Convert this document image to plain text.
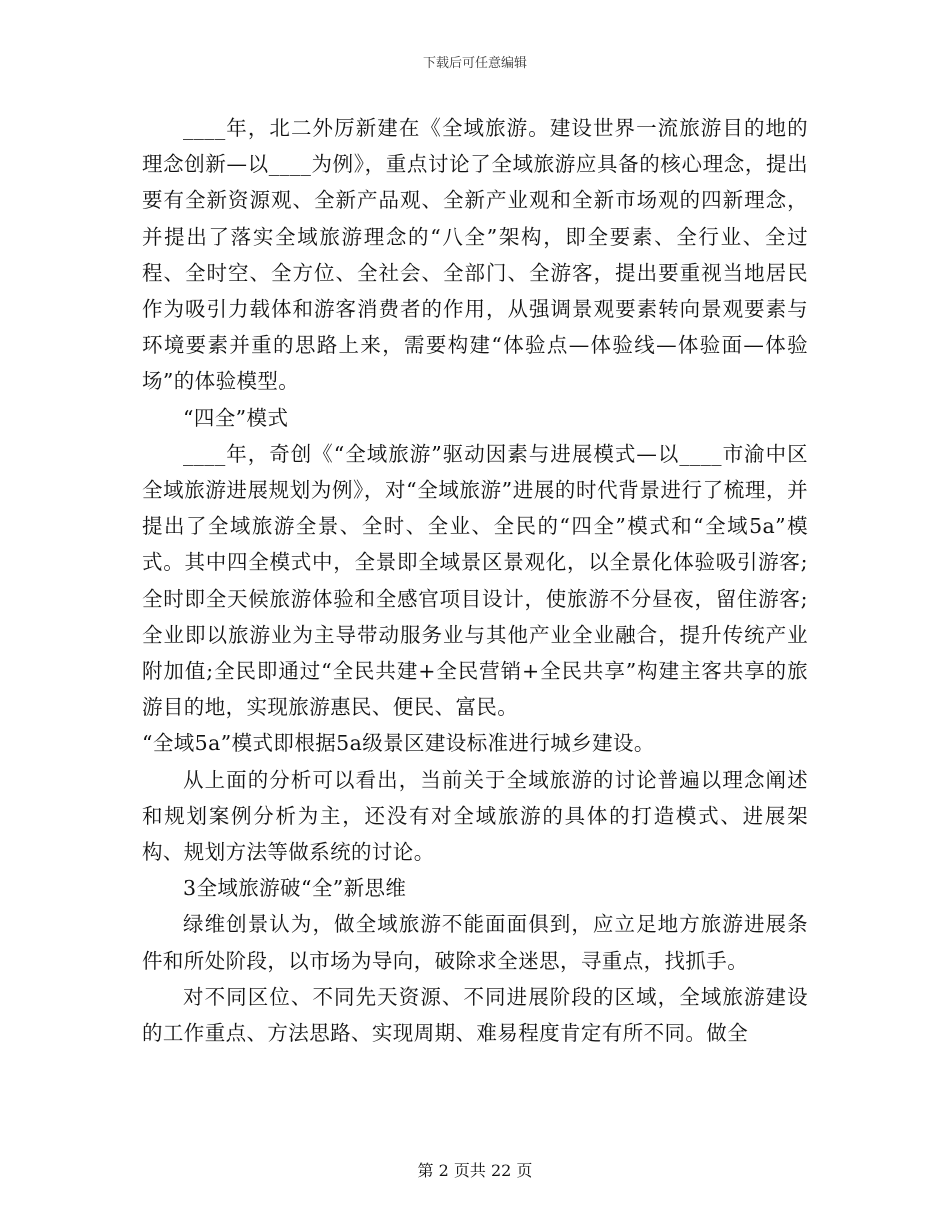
下载后可任意编辑

____年，北二外厉新建在《全域旅游。建设世界一流旅游目的地的理念创新—以____为例》，重点讨论了全域旅游应具备的核心理念，提出要有全新资源观、全新产品观、全新产业观和全新市场观的四新理念，并提出了落实全域旅游理念的“八全”架构，即全要素、全行业、全过程、全时空、全方位、全社会、全部门、全游客，提出要重视当地居民作为吸引力载体和游客消费者的作用，从强调景观要素转向景观要素与环境要素并重的思路上来，需要构建“体验点—体验线—体验面—体验场”的体验模型。

“四全”模式

____年，奇创《“全域旅游”驱动因素与进展模式—以____市渝中区全域旅游进展规划为例》，对“全域旅游”进展的时代背景进行了梳理，并提出了全域旅游全景、全时、全业、全民的“四全”模式和“全域5a”模式。其中四全模式中，全景即全域景区景观化，以全景化体验吸引游客;全时即全天候旅游体验和全感官项目设计，使旅游不分昼夜，留住游客;全业即以旅游业为主导带动服务业与其他产业全业融合，提升传统产业附加值;全民即通过“全民共建+全民营销+全民共享”构建主客共享的旅游目的地，实现旅游惠民、便民、富民。

“全域5a”模式即根据5a级景区建设标准进行城乡建设。

从上面的分析可以看出，当前关于全域旅游的讨论普遍以理念阐述和规划案例分析为主，还没有对全域旅游的具体的打造模式、进展架构、规划方法等做系统的讨论。

3全域旅游破“全”新思维

绿维创景认为，做全域旅游不能面面俱到，应立足地方旅游进展条件和所处阶段，以市场为导向，破除求全迷思，寻重点，找抓手。

对不同区位、不同先天资源、不同进展阶段的区域，全域旅游建设的工作重点、方法思路、实现周期、难易程度肯定有所不同。做全

第 2 页共 22 页
